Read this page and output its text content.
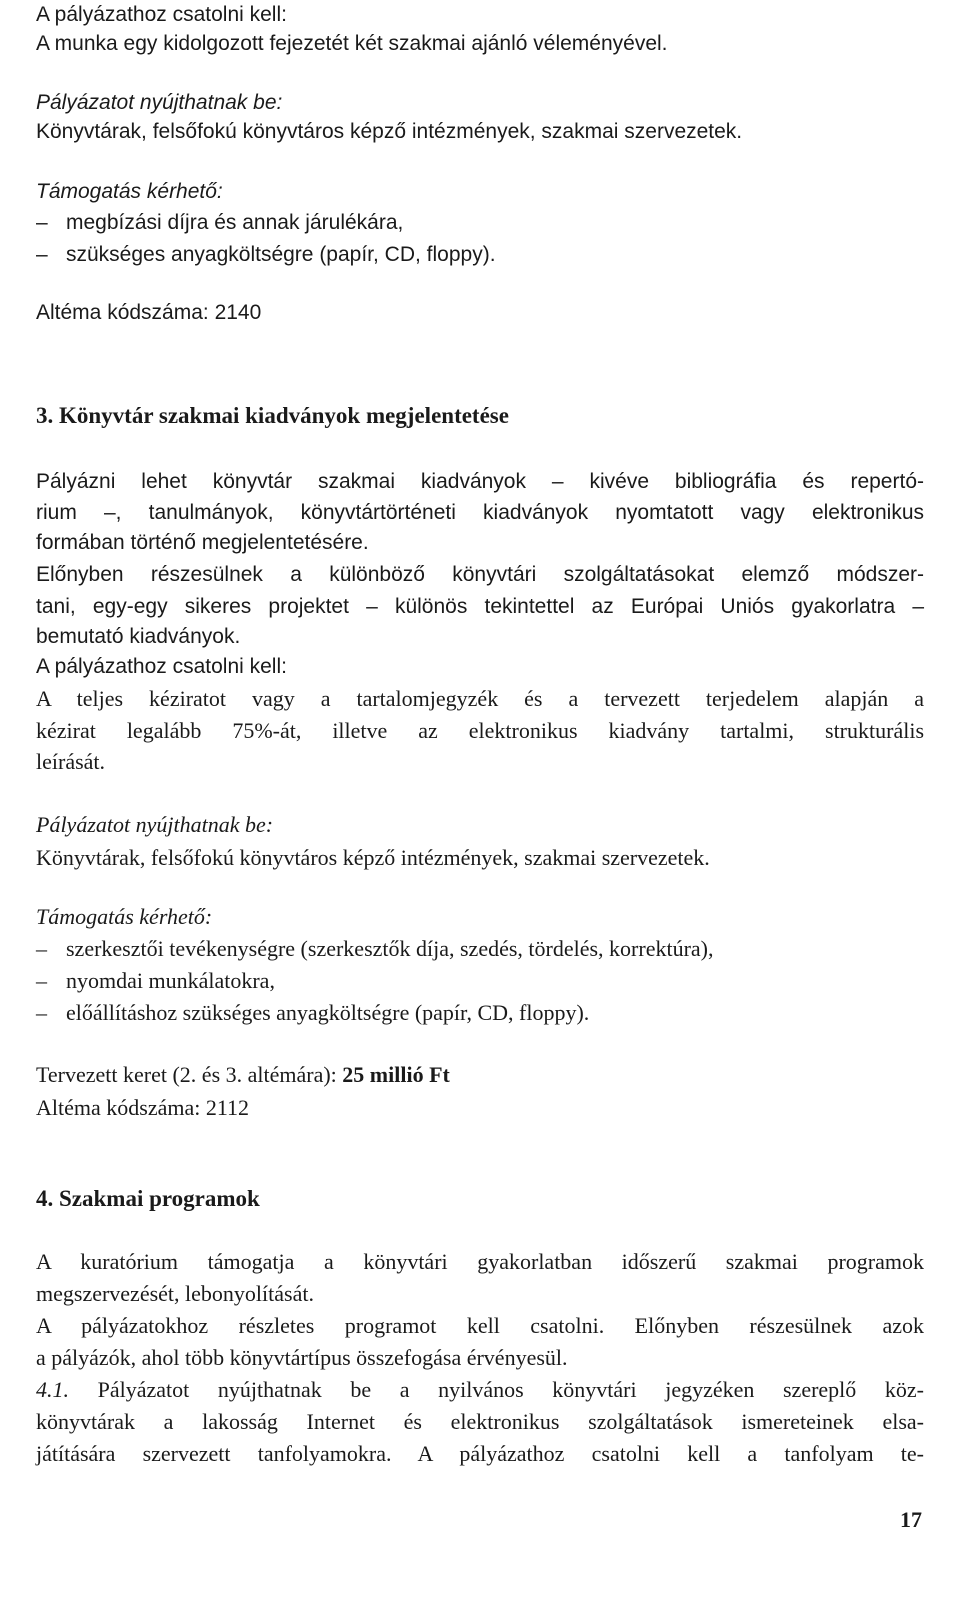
A pályázathoz csatolni kell:
A munka egy kidolgozott fejezetét két szakmai ajánló véleményével.
Pályázatot nyújthatnak be:
Könyvtárak, felsőfokú könyvtáros képző intézmények, szakmai szervezetek.
Támogatás kérhető:
– megbízási díjra és annak járulékára,
– szükséges anyagköltségre (papír, CD, floppy).
Altéma kódszáma: 2140
3. Könyvtár szakmai kiadványok megjelentetése
Pályázni lehet könyvtár szakmai kiadványok – kivéve bibliográfia és repertó-
rium –, tanulmányok, könyvtártörténeti kiadványok nyomtatott vagy elektronikus
formában történő megjelentetésére.
Előnyben részesülnek a különböző könyvtári szolgáltatásokat elemző módszer-
tani, egy-egy sikeres projektet – különös tekintettel az Európai Uniós gyakorlatra –
bemutató kiadványok.
A pályázathoz csatolni kell:
A teljes kéziratot vagy a tartalomjegyzék és a tervezett terjedelem alapján a
kézirat legalább 75%-át, illetve az elektronikus kiadvány tartalmi, strukturális
leírását.
Pályázatot nyújthatnak be:
Könyvtárak, felsőfokú könyvtáros képző intézmények, szakmai szervezetek.
Támogatás kérhető:
– szerkesztői tevékenységre (szerkesztők díja, szedés, tördelés, korrektúra),
– nyomdai munkálatokra,
– előállításhoz szükséges anyagköltségre (papír, CD, floppy).
Tervezett keret (2. és 3. altémára): 25 millió Ft
Altéma kódszáma: 2112
4. Szakmai programok
A kuratórium támogatja a könyvtári gyakorlatban időszerű szakmai programok
megszervezését, lebonyolítását.
A pályázatokhoz részletes programot kell csatolni. Előnyben részesülnek azok
a pályázók, ahol több könyvtártípus összefogása érvényesül.
4.1. Pályázatot nyújthatnak be a nyilvános könyvtári jegyzéken szereplő köz-
könyvtárak a lakosság Internet és elektronikus szolgáltatások ismereteinek elsa-
játítására szervezett tanfolyamokra. A pályázathoz csatolni kell a tanfolyam te-
17
